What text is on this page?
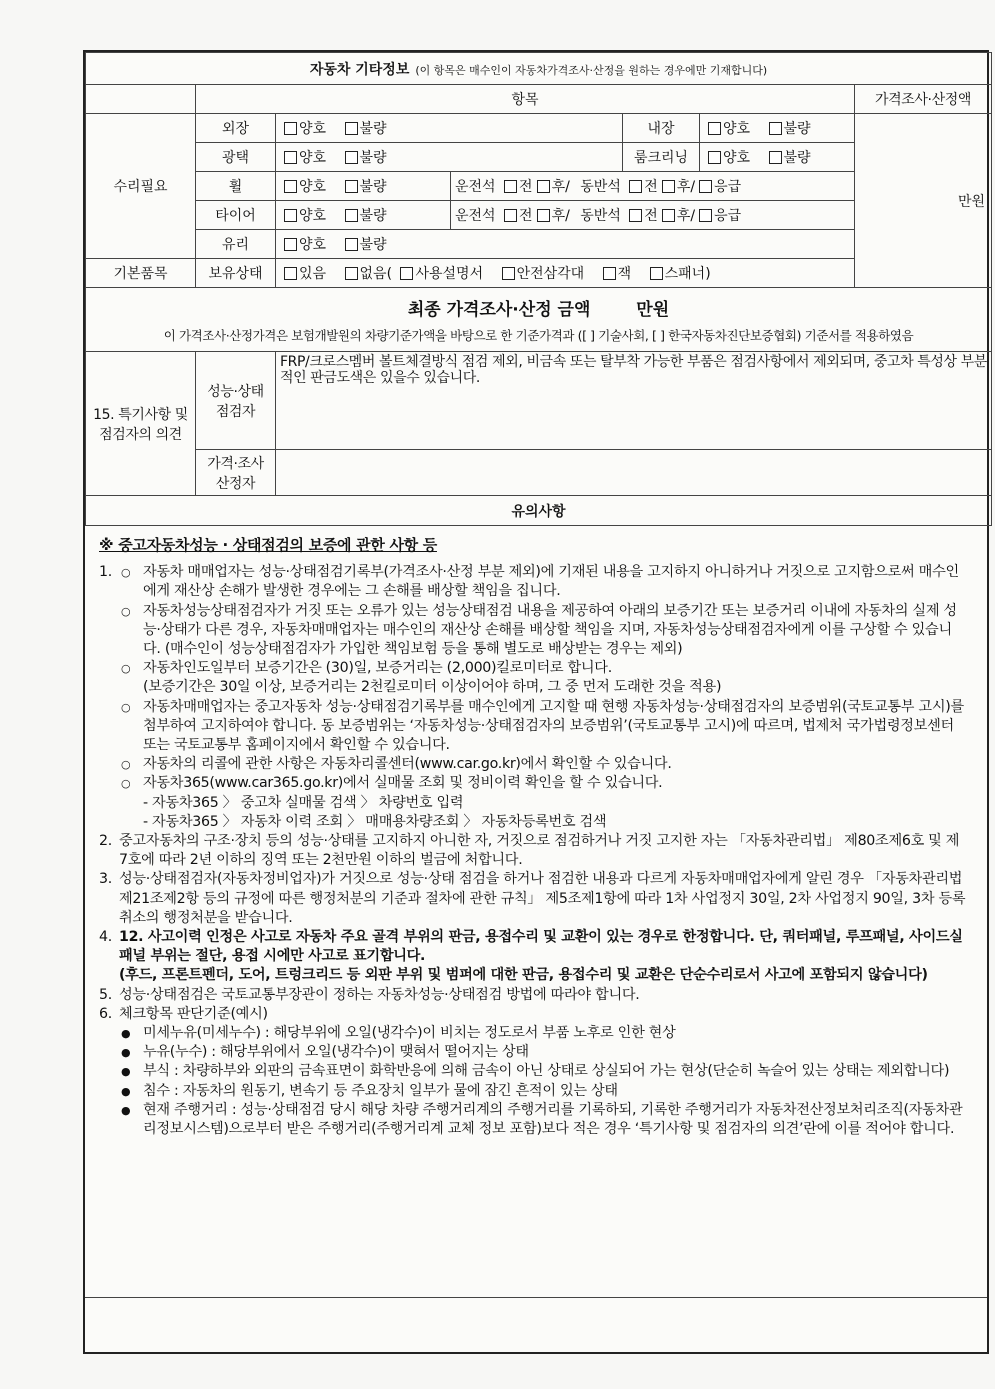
자동차 기타정보 (이 항목은 매수인이 자동차가격조사·산정을 원하는 경우에만 기재합니다)						
	항목					가격조사·산정액
수리필요	외장	양호 불량		내장	양호 불량	만원
	광택	양호 불량		룸크리닝	양호 불량	
	휠	양호 불량	운전석 전 후/ 동반석 전 후/ 응급			
	타이어	양호 불량	운전석 전 후/ 동반석 전 후/ 응급			
	유리	양호 불량				
기본품목	보유상태	있음 없음( 사용설명서 안전삼각대 잭 스패너)				

최종 가격조사·산정 금액 만원
이 가격조사·산정가격은 보험개발원의 차량기준가액을 바탕으로 한 기준가격과 ([ ] 기술사회, [ ] 한국자동차진단보증협회) 기준서를 적용하였음						

15. 특기사항 및 점검자의 의견	성능·상태 점검자	FRP/크로스멤버 볼트체결방식 점검 제외, 비금속 또는 탈부착 가능한 부품은 점검사항에서 제외되며, 중고차 특성상 부분적인 판금도색은 있을수 있습니다.				
	가격·조사 산정자					
유의사항						
※ 중고자동차성능 · 상태점검의 보증에 관한 사항 등
1. ○ 자동차 매매업자는 성능·상태점검기록부(가격조사·산정 부분 제외)에 기재된 내용을 고지하지 아니하거나 거짓으로 고지함으로써 매수인에게 재산상 손해가 발생한 경우에는 그 손해를 배상할 책임을 집니다.
○ 자동차성능상태점검자가 거짓 또는 오류가 있는 성능상태점검 내용을 제공하여 아래의 보증기간 또는 보증거리 이내에 자동차의 실제 성능·상태가 다른 경우, 자동차매매업자는 매수인의 재산상 손해를 배상할 책임을 지며, 자동차성능상태점검자에게 이를 구상할 수 있습니다. (매수인이 성능상태점검자가 가입한 책임보험 등을 통해 별도로 배상받는 경우는 제외)
○ 자동차인도일부터 보증기간은 (30)일, 보증거리는 (2,000)킬로미터로 합니다.
(보증기간은 30일 이상, 보증거리는 2천킬로미터 이상이어야 하며, 그 중 먼저 도래한 것을 적용)
○ 자동차매매업자는 중고자동차 성능·상태점검기록부를 매수인에게 고지할 때 현행 자동차성능·상태점검자의 보증범위(국토교통부 고시)를 첨부하여 고지하여야 합니다. 동 보증범위는 ‘자동차성능·상태점검자의 보증범위’(국토교통부 고시)에 따르며, 법제처 국가법령정보센터 또는 국토교통부 홈페이지에서 확인할 수 있습니다.
○ 자동차의 리콜에 관한 사항은 자동차리콜센터(www.car.go.kr)에서 확인할 수 있습니다.
○ 자동차365(www.car365.go.kr)에서 실매물 조회 및 정비이력 확인을 할 수 있습니다.
- 자동차365 〉 중고차 실매물 검색 〉 차량번호 입력
- 자동차365 〉 자동차 이력 조회 〉 매매용차량조회 〉 자동차등록번호 검색
2. 중고자동차의 구조·장치 등의 성능·상태를 고지하지 아니한 자, 거짓으로 점검하거나 거짓 고지한 자는 「자동차관리법」 제80조제6호 및 제7호에 따라 2년 이하의 징역 또는 2천만원 이하의 벌금에 처합니다.
3. 성능·상태점검자(자동차정비업자)가 거짓으로 성능·상태 점검을 하거나 점검한 내용과 다르게 자동차매매업자에게 알린 경우 「자동차관리법 제21조제2항 등의 규정에 따른 행정처분의 기준과 절차에 관한 규칙」 제5조제1항에 따라 1차 사업정지 30일, 2차 사업정지 90일, 3차 등록취소의 행정처분을 받습니다.
4. 12. 사고이력 인정은 사고로 자동차 주요 골격 부위의 판금, 용접수리 및 교환이 있는 경우로 한정합니다. 단, 쿼터패널, 루프패널, 사이드실패널 부위는 절단, 용접 시에만 사고로 표기합니다.
(후드, 프론트펜더, 도어, 트렁크리드 등 외판 부위 및 범퍼에 대한 판금, 용접수리 및 교환은 단순수리로서 사고에 포함되지 않습니다)
5. 성능·상태점검은 국토교통부장관이 정하는 자동차성능·상태점검 방법에 따라야 합니다.
6. 체크항목 판단기준(예시)
● 미세누유(미세누수) : 해당부위에 오일(냉각수)이 비치는 정도로서 부품 노후로 인한 현상
● 누유(누수) : 해당부위에서 오일(냉각수)이 맺혀서 떨어지는 상태
● 부식 : 차량하부와 외판의 금속표면이 화학반응에 의해 금속이 아닌 상태로 상실되어 가는 현상(단순히 녹슬어 있는 상태는 제외합니다)
● 침수 : 자동차의 원동기, 변속기 등 주요장치 일부가 물에 잠긴 흔적이 있는 상태
● 현재 주행거리 : 성능·상태점검 당시 해당 차량 주행거리계의 주행거리를 기록하되, 기록한 주행거리가 자동차전산정보처리조직(자동차관리정보시스템)으로부터 받은 주행거리(주행거리계 교체 정보 포함)보다 적은 경우 ‘특기사항 및 점검자의 의견’란에 이를 적어야 합니다.
